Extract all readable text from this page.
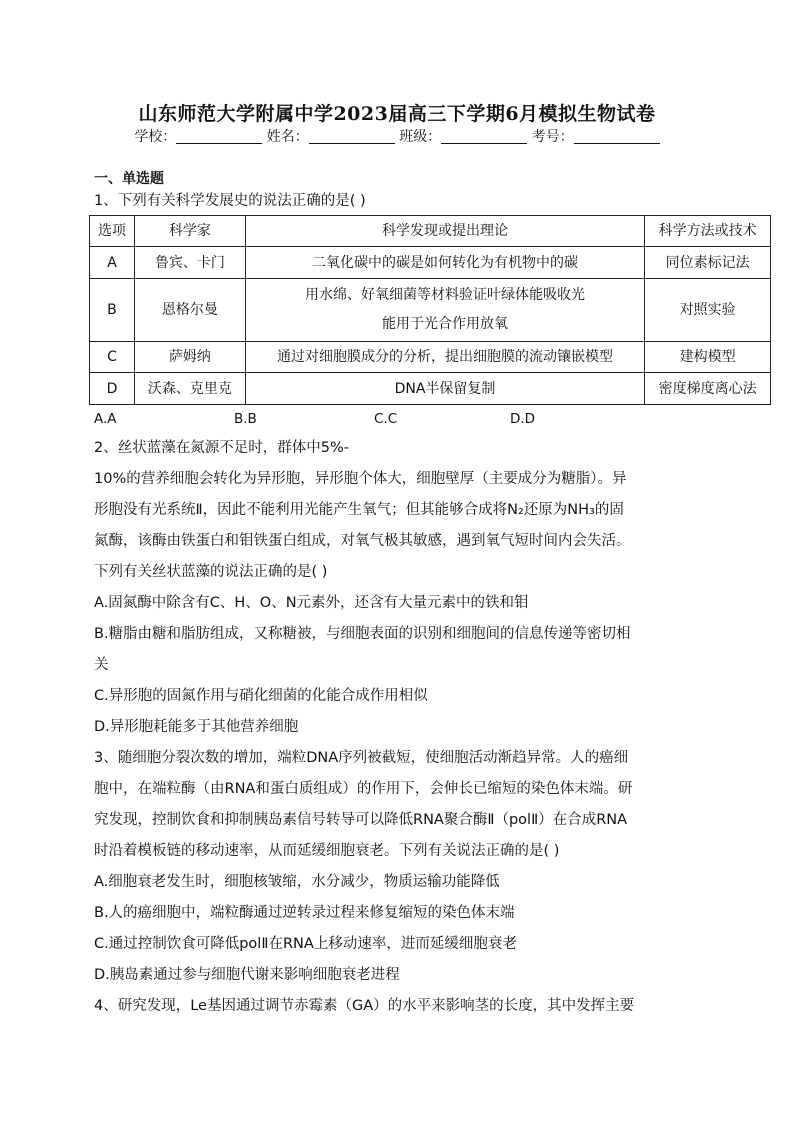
山东师范大学附属中学2023届高三下学期6月模拟生物试卷
学校：	姓名：	班级：	考号：
一、单选题
1、下列有关科学发展史的说法正确的是( )
选项	科学家	科学发现或提出理论	科学方法或技术
A	鲁宾、卡门	二氧化碳中的碳是如何转化为有机物中的碳	同位素标记法
B	恩格尔曼	用水绵、好氧细菌等材料验证叶绿体能吸收光
能用于光合作用放氧	对照实验
C	萨姆纳	通过对细胞膜成分的分析，提出细胞膜的流动镶嵌模型	建构模型
D	沃森、克里克	DNA半保留复制	密度梯度离心法
A.A	B.B	C.C	D.D
2、丝状蓝藻在氮源不足时，群体中5%-
10%的营养细胞会转化为异形胞，异形胞个体大，细胞壁厚（主要成分为糖脂）。异
形胞没有光系统Ⅱ，因此不能利用光能产生氧气；但其能够合成将N₂还原为NH₃的固
氮酶，该酶由铁蛋白和钼铁蛋白组成，对氧气极其敏感，遇到氧气短时间内会失活。
下列有关丝状蓝藻的说法正确的是( )
A.固氮酶中除含有C、H、O、N元素外，还含有大量元素中的铁和钼
B.糖脂由糖和脂肪组成，又称糖被，与细胞表面的识别和细胞间的信息传递等密切相
关
C.异形胞的固氮作用与硝化细菌的化能合成作用相似
D.异形胞耗能多于其他营养细胞
3、随细胞分裂次数的增加，端粒DNA序列被截短，使细胞活动渐趋异常。人的癌细
胞中，在端粒酶（由RNA和蛋白质组成）的作用下，会伸长已缩短的染色体末端。研
究发现，控制饮食和抑制胰岛素信号转导可以降低RNA聚合酶Ⅱ（polⅡ）在合成RNA
时沿着模板链的移动速率，从而延缓细胞衰老。下列有关说法正确的是( )
A.细胞衰老发生时，细胞核皱缩，水分减少，物质运输功能降低
B.人的癌细胞中，端粒酶通过逆转录过程来修复缩短的染色体末端
C.通过控制饮食可降低polⅡ在RNA上移动速率，进而延缓细胞衰老
D.胰岛素通过参与细胞代谢来影响细胞衰老进程
4、研究发现，Le基因通过调节赤霉素（GA）的水平来影响茎的长度，其中发挥主要
